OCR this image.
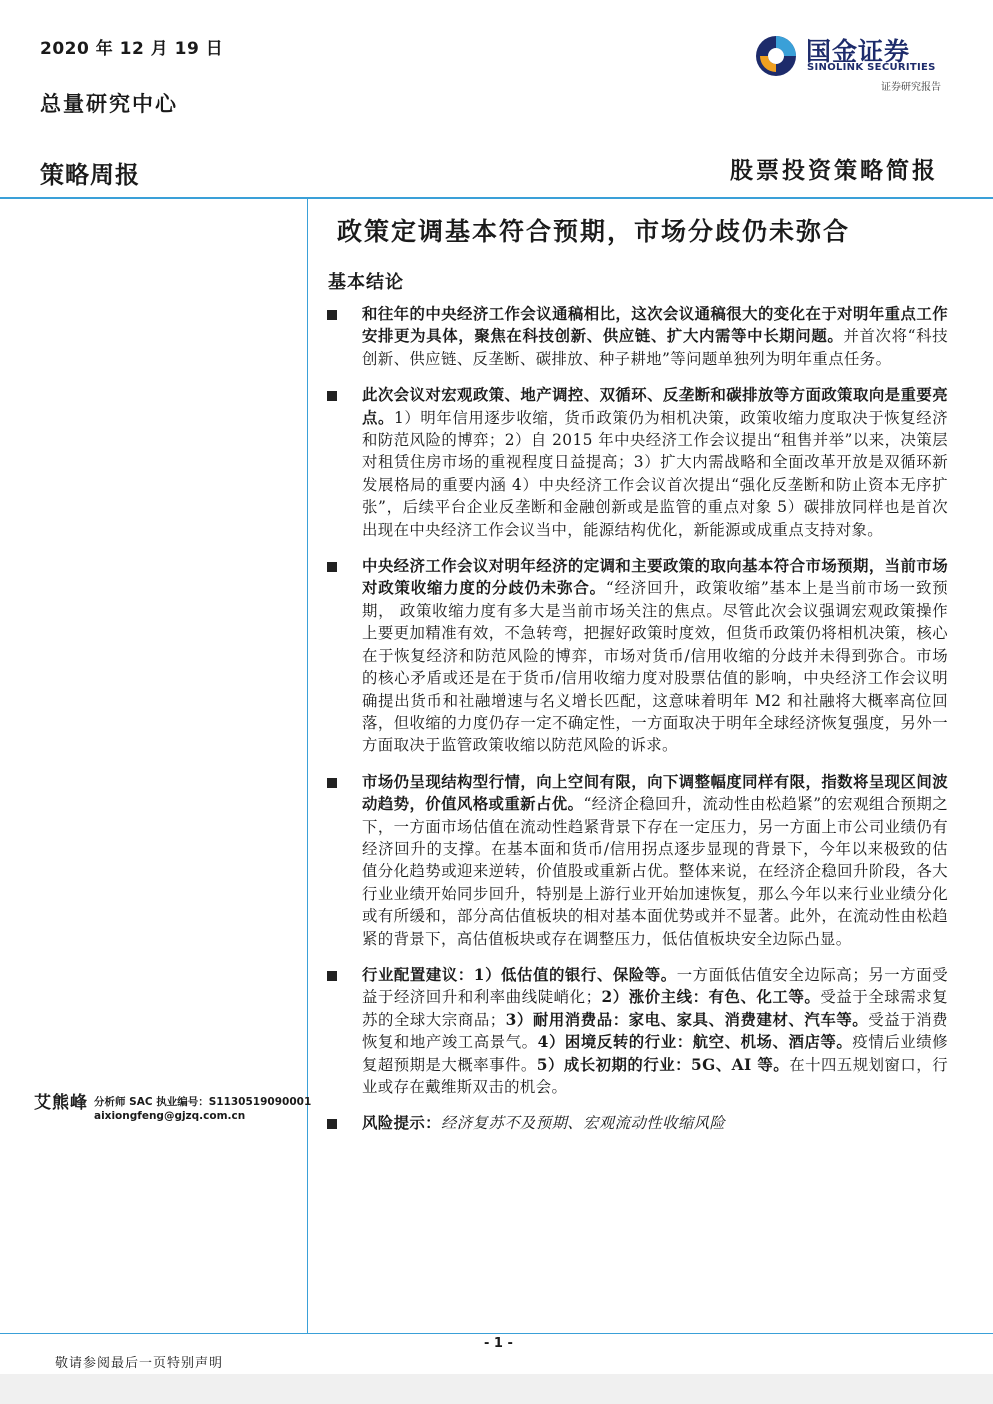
2020 年 12 月 19 日
总量研究中心
策略周报
国金证券
SINOLINK SECURITIES
证券研究报告
股票投资策略简报
政策定调基本符合预期，市场分歧仍未弥合
基本结论
和往年的中央经济工作会议通稿相比，这次会议通稿很大的变化在于对明年重点工作安排更为具体，聚焦在科技创新、供应链、扩大内需等中长期问题。并首次将“科技创新、供应链、反垄断、碳排放、种子耕地”等问题单独列为明年重点任务。
此次会议对宏观政策、地产调控、双循环、反垄断和碳排放等方面政策取向是重要亮点。1）明年信用逐步收缩，货币政策仍为相机决策，政策收缩力度取决于恢复经济和防范风险的博弈；2）自 2015 年中央经济工作会议提出“租售并举”以来，决策层对租赁住房市场的重视程度日益提高；3）扩大内需战略和全面改革开放是双循环新发展格局的重要内涵 4）中央经济工作会议首次提出“强化反垄断和防止资本无序扩张”，后续平台企业反垄断和金融创新或是监管的重点对象 5）碳排放同样也是首次出现在中央经济工作会议当中，能源结构优化，新能源或成重点支持对象。
中央经济工作会议对明年经济的定调和主要政策的取向基本符合市场预期，当前市场对政策收缩力度的分歧仍未弥合。“经济回升，政策收缩”基本上是当前市场一致预期， 政策收缩力度有多大是当前市场关注的焦点。尽管此次会议强调宏观政策操作上要更加精准有效，不急转弯，把握好政策时度效，但货币政策仍将相机决策，核心在于恢复经济和防范风险的博弈，市场对货币/信用收缩的分歧并未得到弥合。市场的核心矛盾或还是在于货币/信用收缩力度对股票估值的影响，中央经济工作会议明确提出货币和社融增速与名义增长匹配，这意味着明年 M2 和社融将大概率高位回落，但收缩的力度仍存一定不确定性，一方面取决于明年全球经济恢复强度，另外一方面取决于监管政策收缩以防范风险的诉求。
市场仍呈现结构型行情，向上空间有限，向下调整幅度同样有限，指数将呈现区间波动趋势，价值风格或重新占优。“经济企稳回升，流动性由松趋紧”的宏观组合预期之下，一方面市场估值在流动性趋紧背景下存在一定压力，另一方面上市公司业绩仍有经济回升的支撑。在基本面和货币/信用拐点逐步显现的背景下，今年以来极致的估值分化趋势或迎来逆转，价值股或重新占优。整体来说，在经济企稳回升阶段，各大行业业绩开始同步回升，特别是上游行业开始加速恢复，那么今年以来行业业绩分化或有所缓和，部分高估值板块的相对基本面优势或并不显著。此外，在流动性由松趋紧的背景下，高估值板块或存在调整压力，低估值板块安全边际凸显。
行业配置建议：1）低估值的银行、保险等。一方面低估值安全边际高；另一方面受益于经济回升和利率曲线陡峭化；2）涨价主线：有色、化工等。受益于全球需求复苏的全球大宗商品；3）耐用消费品：家电、家具、消费建材、汽车等。受益于消费恢复和地产竣工高景气。4）困境反转的行业：航空、机场、酒店等。疫情后业绩修复超预期是大概率事件。5）成长初期的行业：5G、AI 等。在十四五规划窗口，行业或存在戴维斯双击的机会。
风险提示：经济复苏不及预期、宏观流动性收缩风险
艾熊峰 分析师 SAC 执业编号：S1130519090001
aixiongfeng@gjzq.com.cn
- 1 -
敬请参阅最后一页特别声明
